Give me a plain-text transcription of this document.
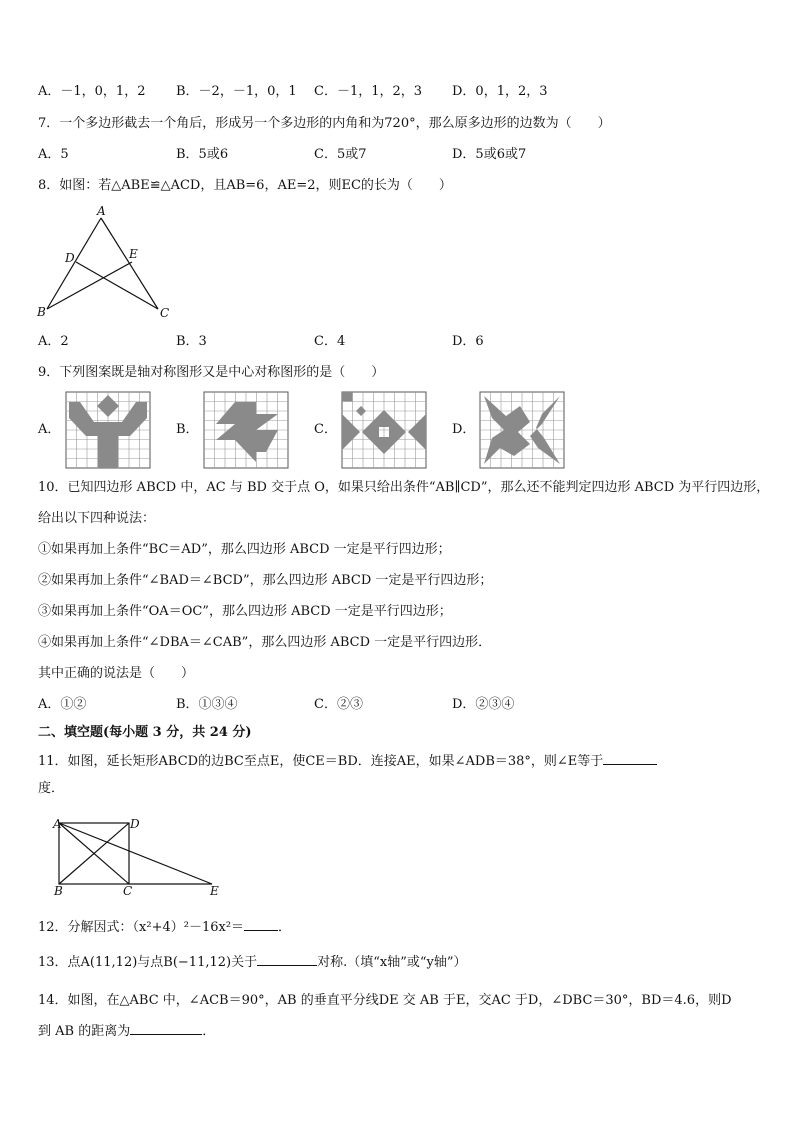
A．－1，0，1，2 B．－2，－1，0，1 C．－1，1，2，3 D．0，1，2，3
7．一个多边形截去一个角后，形成另一个多边形的内角和为720°，那么原多边形的边数为（　　）
A．5	B．5或6	C．5或7	D．5或6或7
8．如图：若△ABE≌△ACD，且AB=6，AE=2，则EC的长为（　　）
A
D	E
B	C
A．2	B．3	C．4	D．6
9．下列图案既是轴对称图形又是中心对称图形的是（　　）
A．	B．	C．	D．
10．已知四边形 ABCD 中，AC 与 BD 交于点 O，如果只给出条件“AB∥CD”，那么还不能判定四边形 ABCD 为平行四边形，
给出以下四种说法：
①如果再加上条件“BC＝AD”，那么四边形 ABCD 一定是平行四边形；
②如果再加上条件“∠BAD＝∠BCD”，那么四边形 ABCD 一定是平行四边形；
③如果再加上条件“OA＝OC”，那么四边形 ABCD 一定是平行四边形；
④如果再加上条件“∠DBA＝∠CAB”，那么四边形 ABCD 一定是平行四边形．
其中正确的说法是（　　）
A．①②	B．①③④	C．②③	D．②③④
二、填空题(每小题 3 分，共 24 分)
11．如图，延长矩形ABCD的边BC至点E，使CE＝BD．连接AE，如果∠ADB＝38°，则∠E等于
度．
A	D
B	C	E
12．分解因式：（x²+4）²－16x²＝	．
13．点A(11,12)与点B(−11,12)关于	对称.（填“x轴”或“y轴”）
14．如图，在△ABC 中，∠ACB＝90°，AB 的垂直平分线DE 交 AB 于E，交AC 于D，∠DBC＝30°，BD＝4.6，则D
到 AB 的距离为	．
